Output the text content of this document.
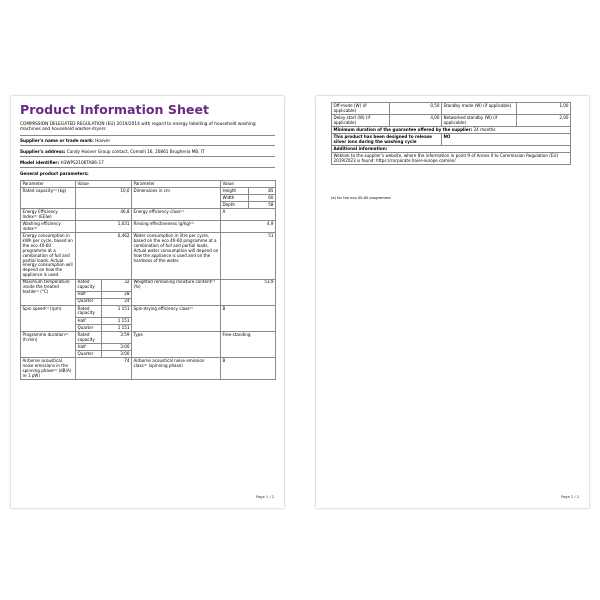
Product Information Sheet
COMMISSION DELEGATED REGULATION (EU) 2019/2014 with regard to energy labelling of household washing machines and household washer-dryers
Supplier's name or trade mark: Hoover
Supplier's address: Candy Hoover Group contact, Comolli 16, 20861 Brugherio MB, IT
Model identifier: H3WPS2106TAB6-17
General product parameters:
Parameter	Value		Parameter	Value	
Rated capacity⁽ᵃ⁾ (kg)	10,0		Dimensions in cm	Height	85
				Width	60
				Depth	58
Energy Efficiency Index⁽ᵃ⁾ (EEIw)	46,8		Energy efficiency class⁽ᵃ⁾	A	
Washing efficiency index⁽ᵃ⁾	1,031		Rinsing effectiveness (g/kg)⁽ᵃ⁾	4,9	
Energy consumption in kWh per cycle, based on the eco 40-60 programme at a combination of full and partial loads. Actual energy consumption will depend on how the appliance is used.	0,462		Water consumption in litre per cycle, based on the eco 40-60 programme at a combination of full and partial loads. Actual water consumption will depend on how the appliance is used and on the hardness of the water.	51	
Maximum temperature inside the treated textile⁽ᵃ⁾ (°C)	Rated capacity	32	Weighted remaining moisture content⁽ᵃ⁾ (%)	53,9	
	Half	28			
	Quarter	24			
Spin speed⁽ᵃ⁾ (rpm)	Rated capacity	1 151	Spin-drying efficiency class⁽ᵃ⁾	B	
	Half	1 151			
	Quarter	1 151			
Programme duration⁽ᵃ⁾ (h:min)	Rated capacity	3:59	Type	Free-standing	
	Half	3:00			
	Quarter	3:00			
Airborne acoustical noise emissions in the spinning phase⁽ᵃ⁾ (dB(A) re 1 pW)	74		Airborne acoustical noise emission class⁽ᵃ⁾ (spinning phase)	B	
Page 1 / 2
Off-mode (W) (if applicable)	0,50	Standby mode (W) (if applicable)	1,00
Delay start (W) (if applicable)	4,00	Networked standby (W) (if applicable)	2,00
Minimum duration of the guarantee offered by the supplier: 24 months			
This product has been designed to release silver ions during the washing cycle		NO	
Additional information:			
Weblink to the supplier's website, where the information in point 9 of Annex II to Commission Regulation (EU) 2019/2023 is found: https://corporate.haier-europe.com/en/			
(a) for the eco 40-60 programme.
Page 2 / 2
